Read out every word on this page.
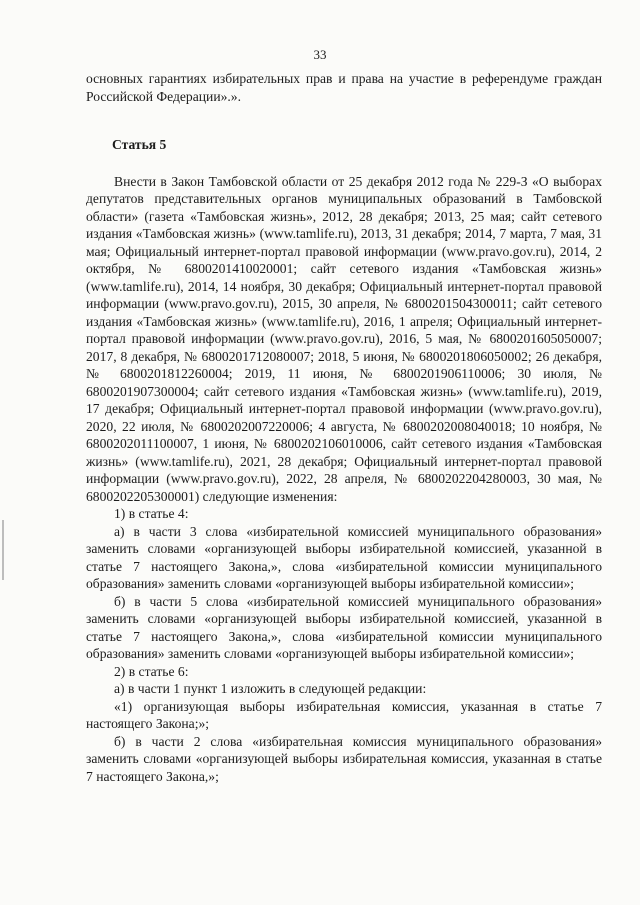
33

основных гарантиях избирательных прав и права на участие в референдуме граждан Российской Федерации».».

Статья 5

Внести в Закон Тамбовской области от 25 декабря 2012 года № 229-З «О выборах депутатов представительных органов муниципальных образований в Тамбовской области» (газета «Тамбовская жизнь», 2012, 28 декабря; 2013, 25 мая; сайт сетевого издания «Тамбовская жизнь» (www.tamlife.ru), 2013, 31 декабря; 2014, 7 марта, 7 мая, 31 мая; Официальный интернет-портал правовой информации (www.pravo.gov.ru), 2014, 2 октября, № 6800201410020001; сайт сетевого издания «Тамбовская жизнь» (www.tamlife.ru), 2014, 14 ноября, 30 декабря; Официальный интернет-портал правовой информации (www.pravo.gov.ru), 2015, 30 апреля, № 6800201504300011; сайт сетевого издания «Тамбовская жизнь» (www.tamlife.ru), 2016, 1 апреля; Официальный интернет-портал правовой информации (www.pravo.gov.ru), 2016, 5 мая, № 6800201605050007; 2017, 8 декабря, № 6800201712080007; 2018, 5 июня, № 6800201806050002; 26 декабря, № 6800201812260004; 2019, 11 июня, № 6800201906110006; 30 июля, № 6800201907300004; сайт сетевого издания «Тамбовская жизнь» (www.tamlife.ru), 2019, 17 декабря; Официальный интернет-портал правовой информации (www.pravo.gov.ru), 2020, 22 июля, № 6800202007220006; 4 августа, № 6800202008040018; 10 ноября, № 6800202011100007, 1 июня, № 6800202106010006, сайт сетевого издания «Тамбовская жизнь» (www.tamlife.ru), 2021, 28 декабря; Официальный интернет-портал правовой информации (www.pravo.gov.ru), 2022, 28 апреля, № 6800202204280003, 30 мая, № 6800202205300001) следующие изменения:

1) в статье 4:

а) в части 3 слова «избирательной комиссией муниципального образования» заменить словами «организующей выборы избирательной комиссией, указанной в статье 7 настоящего Закона,», слова «избирательной комиссии муниципального образования» заменить словами «организующей выборы избирательной комиссии»;

б) в части 5 слова «избирательной комиссией муниципального образования» заменить словами «организующей выборы избирательной комиссией, указанной в статье 7 настоящего Закона,», слова «избирательной комиссии муниципального образования» заменить словами «организующей выборы избирательной комиссии»;

2) в статье 6:

а) в части 1 пункт 1 изложить в следующей редакции:

«1) организующая выборы избирательная комиссия, указанная в статье 7 настоящего Закона;»;

б) в части 2 слова «избирательная комиссия муниципального образования» заменить словами «организующей выборы избирательная комиссия, указанная в статье 7 настоящего Закона,»;
